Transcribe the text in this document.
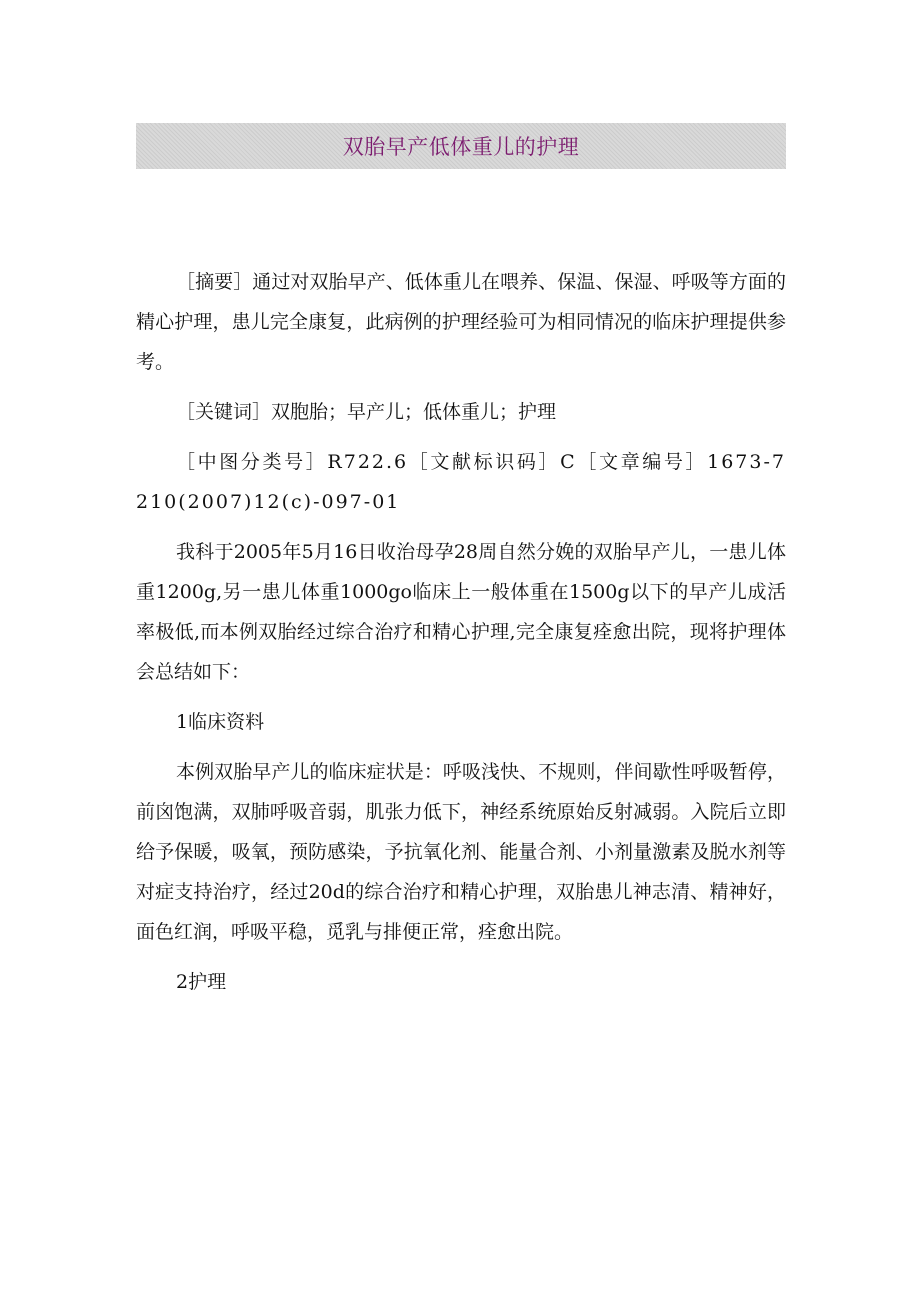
双胎早产低体重儿的护理

［摘要］通过对双胎早产、低体重儿在喂养、保温、保湿、呼吸等方面的精心护理，患儿完全康复，此病例的护理经验可为相同情况的临床护理提供参考。

［关键词］双胞胎；早产儿；低体重儿；护理

［中图分类号］R722.6［文献标识码］C［文章编号］1673-7210(2007)12(c)-097-01

我科于2005年5月16日收治母孕28周自然分娩的双胎早产儿，一患儿体重1200g,另一患儿体重1000go临床上一般体重在1500g以下的早产儿成活率极低,而本例双胎经过综合治疗和精心护理,完全康复痊愈出院，现将护理体会总结如下：

1临床资料

本例双胎早产儿的临床症状是：呼吸浅快、不规则，伴间歇性呼吸暂停，前囟饱满，双肺呼吸音弱，肌张力低下，神经系统原始反射减弱。入院后立即给予保暖，吸氧，预防感染，予抗氧化剂、能量合剂、小剂量激素及脱水剂等对症支持治疗，经过20d的综合治疗和精心护理，双胎患儿神志清、精神好，面色红润，呼吸平稳，觅乳与排便正常，痊愈出院。

2护理
